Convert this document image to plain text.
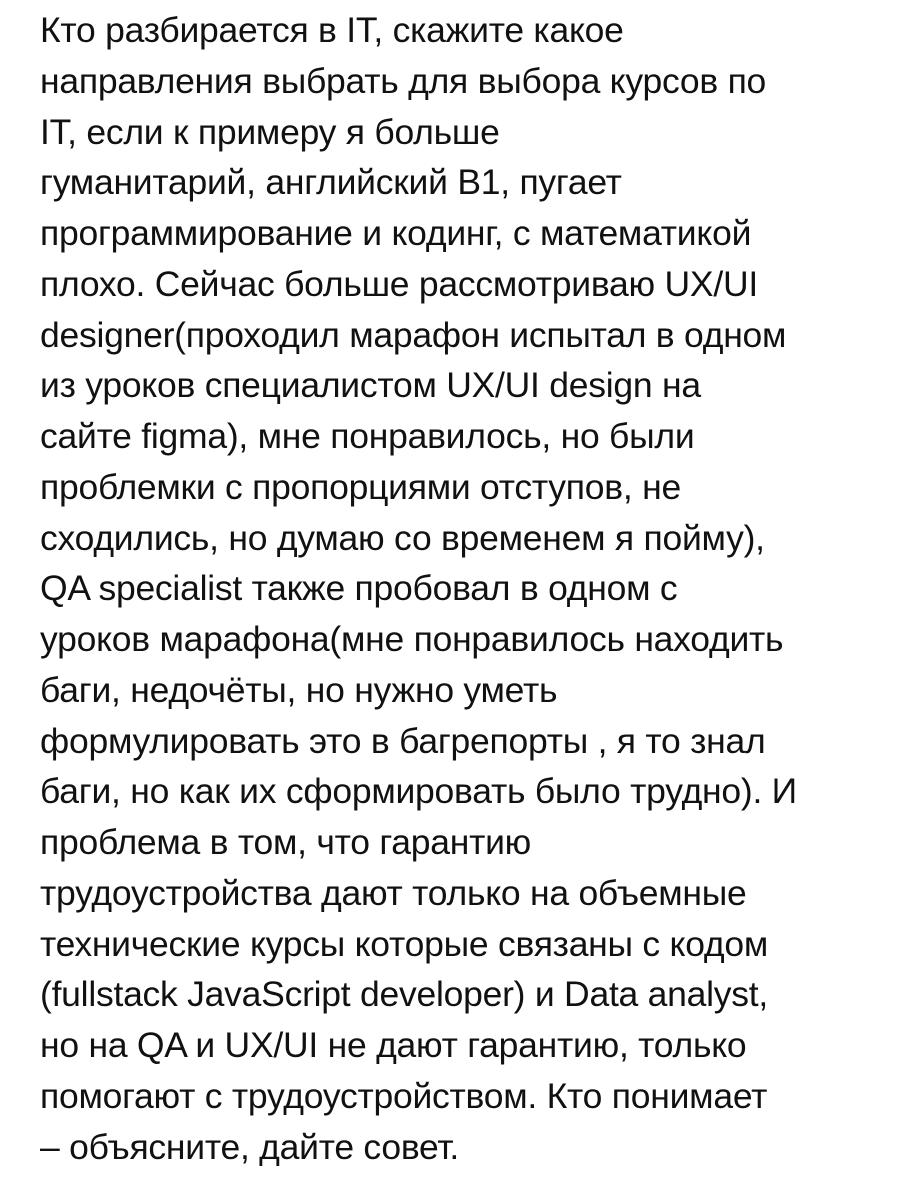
Кто разбирается в IT, скажите какое
направления выбрать для выбора курсов по
IT, если к примеру я больше
гуманитарий, английский B1, пугает
программирование и кодинг, с математикой
плохо. Сейчас больше рассмотриваю UX/UI
designer(проходил марафон испытал в одном
из уроков специалистом UX/UI design на
сайте figma), мне понравилось, но были
проблемки с пропорциями отступов, не
сходились, но думаю со временем я пойму),
QA specialist также пробовал в одном с
уроков марафона(мне понравилось находить
баги, недочёты, но нужно уметь
формулировать это в багрепорты , я то знал
баги, но как их сформировать было трудно). И
проблема в том, что гарантию
трудоустройства дают только на объемные
технические курсы которые связаны с кодом
(fullstack JavaScript developer) и Data analyst,
но на QA и UX/UI не дают гарантию, только
помогают с трудоустройством. Кто понимает
– объясните, дайте совет.
